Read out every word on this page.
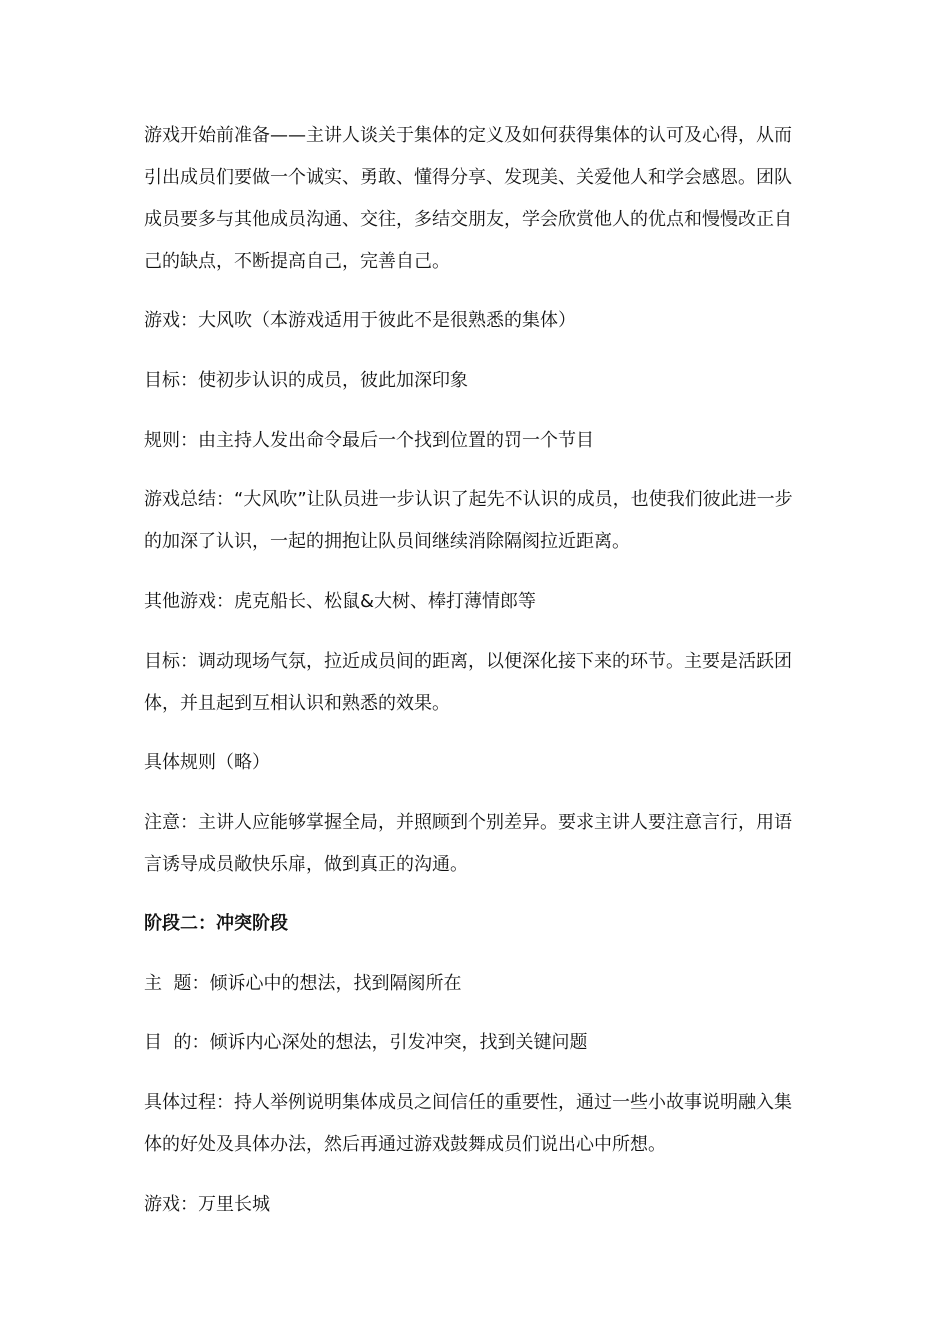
游戏开始前准备——主讲人谈关于集体的定义及如何获得集体的认可及心得，从而引出成员们要做一个诚实、勇敢、懂得分享、发现美、关爱他人和学会感恩。团队成员要多与其他成员沟通、交往，多结交朋友，学会欣赏他人的优点和慢慢改正自己的缺点，不断提高自己，完善自己。

游戏：大风吹（本游戏适用于彼此不是很熟悉的集体）

目标：使初步认识的成员，彼此加深印象

规则：由主持人发出命令最后一个找到位置的罚一个节目

游戏总结：“大风吹”让队员进一步认识了起先不认识的成员，也使我们彼此进一步的加深了认识，一起的拥抱让队员间继续消除隔阂拉近距离。

其他游戏：虎克船长、松鼠&大树、棒打薄情郎等

目标：调动现场气氛，拉近成员间的距离，以便深化接下来的环节。主要是活跃团体，并且起到互相认识和熟悉的效果。

具体规则（略）

注意：主讲人应能够掌握全局，并照顾到个别差异。要求主讲人要注意言行，用语言诱导成员敞快乐扉，做到真正的沟通。

阶段二：冲突阶段

主  题：倾诉心中的想法，找到隔阂所在

目  的：倾诉内心深处的想法，引发冲突，找到关键问题

具体过程：持人举例说明集体成员之间信任的重要性，通过一些小故事说明融入集体的好处及具体办法，然后再通过游戏鼓舞成员们说出心中所想。

游戏：万里长城
